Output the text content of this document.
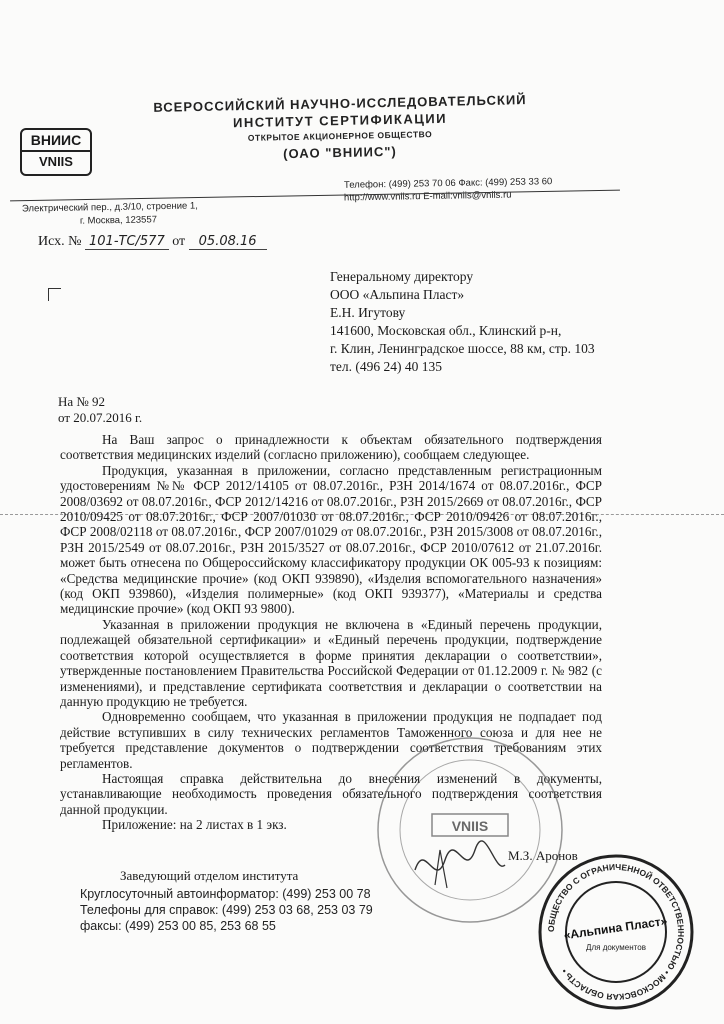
ВНИИС
VNIIS
ВСЕРОССИЙСКИЙ НАУЧНО-ИССЛЕДОВАТЕЛЬСКИЙ
ИНСТИТУТ СЕРТИФИКАЦИИ
ОТКРЫТОЕ АКЦИОНЕРНОЕ ОБЩЕСТВО
(ОАО "ВНИИС")
Телефон: (499) 253 70 06 Факс: (499) 253 33 60
http://www.vniis.ru E-mail:vniis@vniis.ru
Электрический пер., д.3/10, строение 1,
г. Москва, 123557
Исх. № 101-ТС/577 от 05.08.16
Генеральному директору
ООО «Альпина Пласт»
Е.Н. Игутову
141600, Московская обл., Клинский р-н,
г. Клин, Ленинградское шоссе, 88 км, стр. 103
тел. (496 24) 40 135
На № 92
от 20.07.2016 г.

На Ваш запрос о принадлежности к объектам обязательного подтверждения соответствия медицинских изделий (согласно приложению), сообщаем следующее.

Продукция, указанная в приложении, согласно представленным регистрационным удостоверениям №№ ФСР 2012/14105 от 08.07.2016г., РЗН 2014/1674 от 08.07.2016г., ФСР 2008/03692 от 08.07.2016г., ФСР 2012/14216 от 08.07.2016г., РЗН 2015/2669 от 08.07.2016г., ФСР 2010/09425 от 08.07.2016г., ФСР 2007/01030 от 08.07.2016г., ФСР 2010/09426 от 08.07.2016г., ФСР 2008/02118 от 08.07.2016г., ФСР 2007/01029 от 08.07.2016г., РЗН 2015/3008 от 08.07.2016г., РЗН 2015/2549 от 08.07.2016г., РЗН 2015/3527 от 08.07.2016г., ФСР 2010/07612 от 21.07.2016г. может быть отнесена по Общероссийскому классификатору продукции ОК 005-93 к позициям: «Средства медицинские прочие» (код ОКП 939890), «Изделия вспомогательного назначения» (код ОКП 939860), «Изделия полимерные» (код ОКП 939377), «Материалы и средства медицинские прочие» (код ОКП 93 9800).

Указанная в приложении продукция не включена в «Единый перечень продукции, подлежащей обязательной сертификации» и «Единый перечень продукции, подтверждение соответствия которой осуществляется в форме принятия декларации о соответствии», утвержденные постановлением Правительства Российской Федерации от 01.12.2009 г. № 982 (с изменениями), и представление сертификата соответствия и декларации о соответствии на данную продукцию не требуется.

Одновременно сообщаем, что указанная в приложении продукция не подпадает под действие вступивших в силу технических регламентов Таможенного союза и для нее не требуется представление документов о подтверждении соответствия требованиям этих регламентов.

Настоящая справка действительна до внесения изменений в документы, устанавливающие необходимость проведения обязательного подтверждения соответствия данной продукции.

Приложение: на 2 листах в 1 экз.	VNIIS
Заведующий отделом института
М.З. Аронов
ОБЩЕСТВО С ОГРАНИЧЕННОЙ ОТВЕТСТВЕННОСТЬЮ • МОСКОВСКАЯ ОБЛАСТЬ •
«Альпина Пласт»
Для документов
Круглосуточный автоинформатор: (499) 253 00 78
Телефоны для справок: (499) 253 03 68, 253 03 79
факсы: (499) 253 00 85, 253 68 55
